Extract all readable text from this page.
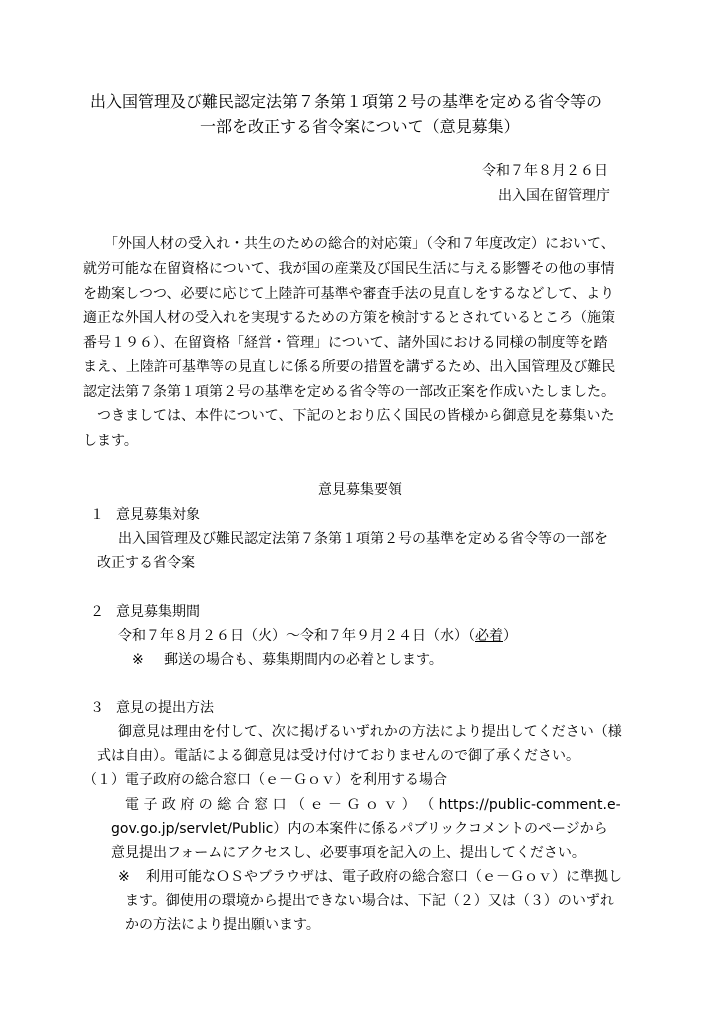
出入国管理及び難民認定法第７条第１項第２号の基準を定める省令等の
一部を改正する省令案について（意見募集）
令和７年８月２６日
出入国在留管理庁
「外国人材の受入れ・共生のための総合的対応策」（令和７年度改定）において、
就労可能な在留資格について、我が国の産業及び国民生活に与える影響その他の事情
を勘案しつつ、必要に応じて上陸許可基準や審査手法の見直しをするなどして、より
適正な外国人材の受入れを実現するための方策を検討するとされているところ（施策
番号１９６）、在留資格「経営・管理」について、諸外国における同様の制度等を踏
まえ、上陸許可基準等の見直しに係る所要の措置を講ずるため、出入国管理及び難民
認定法第７条第１項第２号の基準を定める省令等の一部改正案を作成いたしました。
つきましては、本件について、下記のとおり広く国民の皆様から御意見を募集いた
します。
意見募集要領
１ 意見募集対象
出入国管理及び難民認定法第７条第１項第２号の基準を定める省令等の一部を
改正する省令案
２ 意見募集期間
令和７年８月２６日（火）～令和７年９月２４日（水）（必着）
※ 郵送の場合も、募集期間内の必着とします。
３ 意見の提出方法
御意見は理由を付して、次に掲げるいずれかの方法により提出してください（様
式は自由）。電話による御意見は受け付けておりませんので御了承ください。
（１）電子政府の総合窓口（ｅ－Ｇｏｖ）を利用する場合
電 子 政 府 の 総 合 窓 口 （ ｅ － Ｇ ｏ ｖ ） （ https://public-comment.e-
gov.go.jp/servlet/Public）内の本案件に係るパブリックコメントのページから
意見提出フォームにアクセスし、必要事項を記入の上、提出してください。
※ 利用可能なＯＳやブラウザは、電子政府の総合窓口（ｅ－Ｇｏｖ）に準拠し
ます。御使用の環境から提出できない場合は、下記（２）又は（３）のいずれ
かの方法により提出願います。
